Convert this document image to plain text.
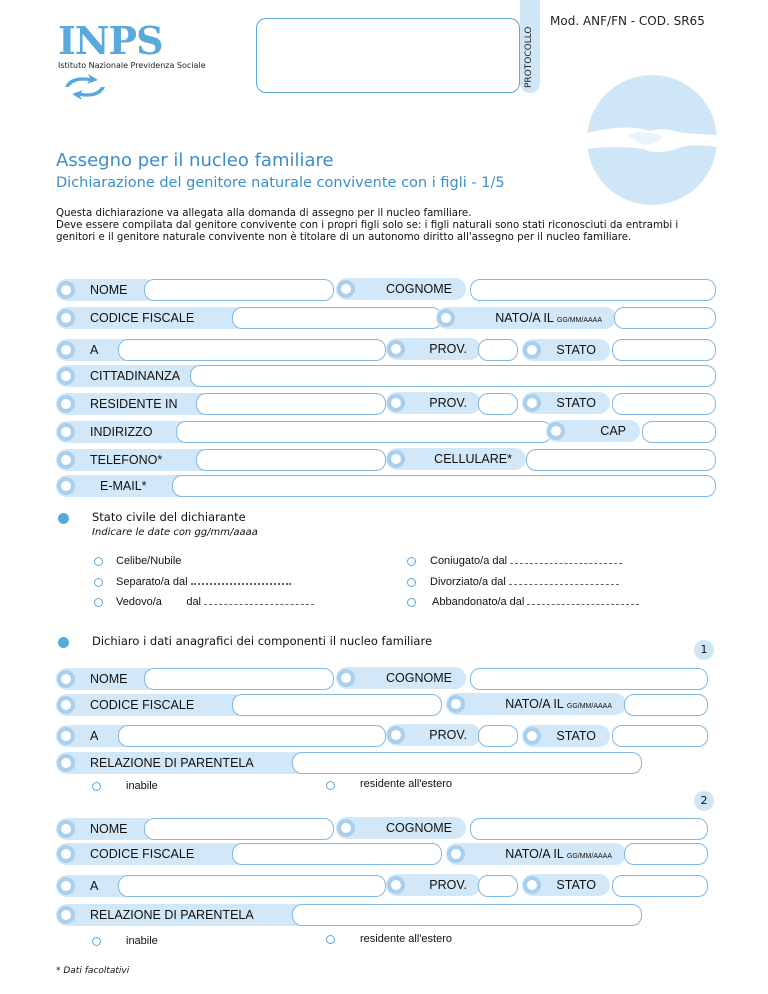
INPS
Istituto Nazionale Previdenza Sociale	PROTOCOLLO
Mod. ANF/FN - COD. SR65
Assegno per il nucleo familiare
Dichiarazione del genitore naturale convivente con i figli - 1/5
Questa dichiarazione va allegata alla domanda di assegno per il nucleo familiare.
Deve essere compilata dal genitore convivente con i propri figli solo se: i figli naturali sono stati riconosciuti da entrambi i genitori e il genitore naturale convivente non è titolare di un autonomo diritto all'assegno per il nucleo familiare.
NOME	COGNOME
CODICE FISCALE	NATO/A IL GG/MM/AAAA
A	PROV.	STATO
CITTADINANZA
RESIDENTE IN	PROV.	STATO
INDIRIZZO	CAP
TELEFONO*	CELLULARE*
E-MAIL*
Stato civile del dichiarante
Indicare le date con gg/mm/aaaa
Celibe/Nubile	Coniugato/a dal
Separato/a dal	Divorziato/a dal
Vedovo/a        dal	Abbandonato/a dal
Dichiaro i dati anagrafici dei componenti il nucleo familiare
1
NOME	COGNOME
CODICE FISCALE	NATO/A IL GG/MM/AAAA
A	PROV.	STATO
RELAZIONE DI PARENTELA
inabile	residente all'estero
2
NOME	COGNOME
CODICE FISCALE	NATO/A IL GG/MM/AAAA
A	PROV.	STATO
RELAZIONE DI PARENTELA
inabile	residente all'estero
* Dati facoltativi
